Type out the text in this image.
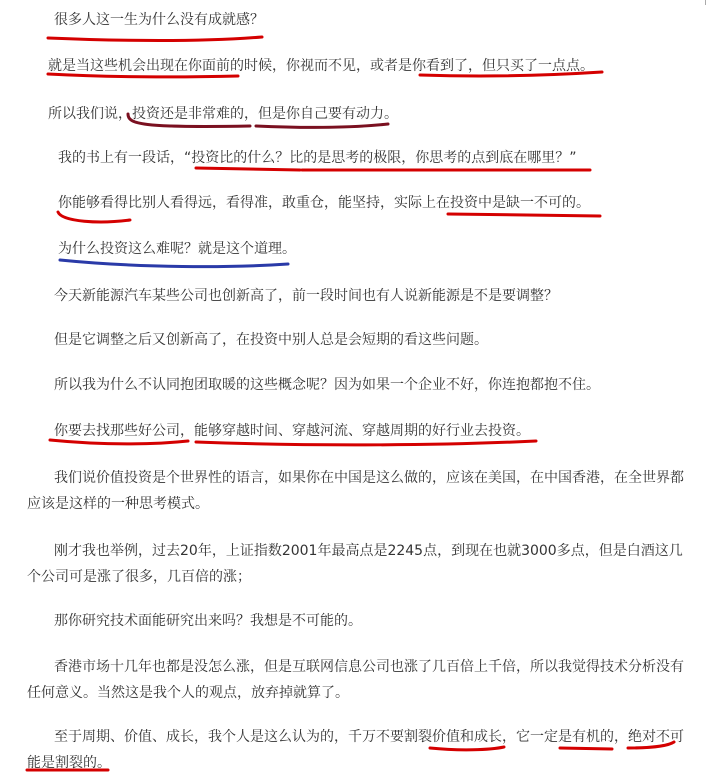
很多人这一生为什么没有成就感？

就是当这些机会出现在你面前的时候，你视而不见，或者是你看到了，但只买了一点点。

所以我们说，投资还是非常难的，但是你自己要有动力。

我的书上有一段话，“投资比的什么？比的是思考的极限，你思考的点到底在哪里？”

你能够看得比别人看得远，看得准，敢重仓，能坚持，实际上在投资中是缺一不可的。

为什么投资这么难呢？就是这个道理。

今天新能源汽车某些公司也创新高了，前一段时间也有人说新能源是不是要调整？

但是它调整之后又创新高了，在投资中别人总是会短期的看这些问题。

所以我为什么不认同抱团取暖的这些概念呢？因为如果一个企业不好，你连抱都抱不住。

你要去找那些好公司，能够穿越时间、穿越河流、穿越周期的好行业去投资。

我们说价值投资是个世界性的语言，如果你在中国是这么做的，应该在美国，在中国香港，在全世界都应该是这样的一种思考模式。

刚才我也举例，过去20年，上证指数2001年最高点是2245点，到现在也就3000多点，但是白酒这几个公司可是涨了很多，几百倍的涨；

那你研究技术面能研究出来吗？我想是不可能的。

香港市场十几年也都是没怎么涨，但是互联网信息公司也涨了几百倍上千倍，所以我觉得技术分析没有任何意义。当然这是我个人的观点，放弃掉就算了。

至于周期、价值、成长，我个人是这么认为的，千万不要割裂价值和成长，它一定是有机的，绝对不可能是割裂的。
